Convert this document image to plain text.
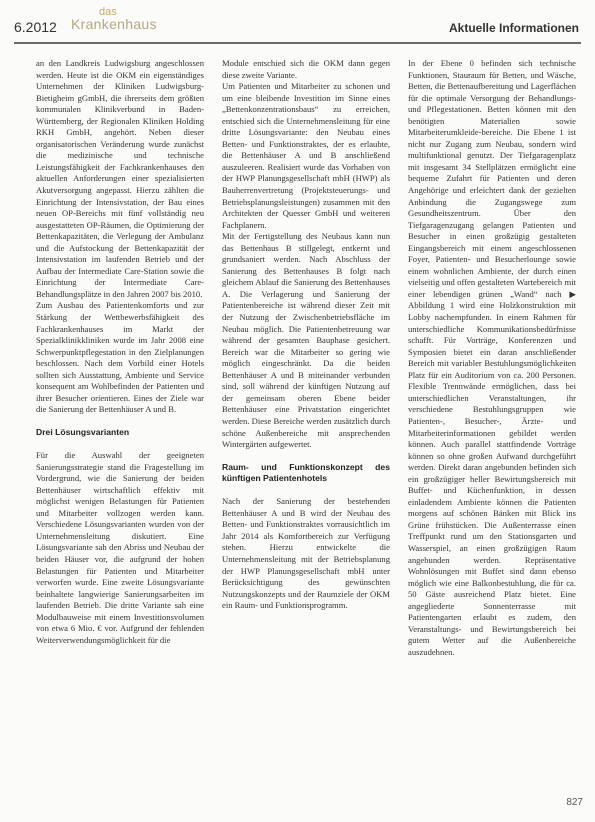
6.2012
das
Krankenhaus	Aktuelle Informationen

an den Landkreis Ludwigsburg angeschlossen werden. Heute ist die OKM ein eigenständiges Unternehmen der Kliniken Ludwigsburg-Bietigheim gGmbH, die ihrerseits dem größten kommunalen Klinikverbund in Baden-Württemberg, der Regionalen Kliniken Holding RKH GmbH, angehört. Neben dieser organisatorischen Veränderung wurde zunächst die medizinische und technische Leistungsfähigkeit der Fachkrankenhauses den aktuellen Anforderungen einer spezialisierten Akutversorgung angepasst. Hierzu zählten die Einrichtung der Intensivstation, der Bau eines neuen OP-Bereichs mit fünf vollständig neu ausgestatteten OP-Räumen, die Optimierung der Bettenkapazitäten, die Verlegung der Ambulanz und die Aufstockung der Bettenkapazität der Intensivstation im laufenden Betrieb und der Aufbau der Intermediate Care-Station sowie die Einrichtung der Intermediate Care-Behandlungsplätze in den Jahren 2007 bis 2010.

Zum Ausbau des Patientenkomforts und zur Stärkung der Wettbewerbsfähigkeit des Fachkrankenhauses im Markt der Spezialklinikkliniken wurde im Jahr 2008 eine Schwerpunktpflegestation in den Zielplanungen beschlossen. Nach dem Vorbild einer Hotels sollten sich Ausstattung, Ambiente und Service konsequent am Wohlbefinden der Patienten und ihrer Besucher orientieren. Eines der Ziele war die Sanierung der Bettenhäuser A und B.

Drei Lösungsvarianten

Für die Auswahl der geeigneten Sanierungsstrategie stand die Fragestellung im Vordergrund, wie die Sanierung der beiden Bettenhäuser wirtschaftlich effektiv mit möglichst wenigen Belastungen für Patienten und Mitarbeiter vollzogen werden kann. Verschiedene Lösungsvarianten wurden von der Unternehmensleitung diskutiert. Eine Lösungsvariante sah den Abriss und Neubau der beiden Häuser vor, die aufgrund der hohen Belastungen für Patienten und Mitarbeiter verworfen wurde. Eine zweite Lösungsvariante beinhaltete langwierige Sanierungsarbeiten im laufenden Betrieb. Die dritte Variante sah eine Modulbauweise mit einem Investitionsvolumen von etwa 6 Mio. € vor. Aufgrund der fehlenden Weiterverwendungsmöglichkeit für die

Module entschied sich die OKM dann gegen diese zweite Variante.

Um Patienten und Mitarbeiter zu schonen und um eine bleibende Investition im Sinne eines „Bettenkonzentrationsbaus“ zu erreichen, entschied sich die Unternehmensleitung für eine dritte Lösungsvariante: den Neubau eines Betten- und Funktionstraktes, der es erlaubte, die Bettenhäuser A und B anschließend auszuleeren. Realisiert wurde das Vorhaben von der HWP Planungsgesellschaft mbH (HWP) als Bauherrenvertretung (Projektsteuerungs- und Betriebsplanungsleistungen) zusammen mit den Architekten der Quesser GmbH und weiteren Fachplanern.

Mit der Fertigstellung des Neubaus kann nun das Bettenhaus B stillgelegt, entkernt und grundsaniert werden. Nach Abschluss der Sanierung des Bettenhauses B folgt nach gleichem Ablauf die Sanierung des Bettenhauses A. Die Verlagerung und Sanierung der Patientenbereiche ist während dieser Zeit mit der Nutzung der Zwischenbetriebsfläche im Neubau möglich. Die Patientenbetreuung war während der gesamten Bauphase gesichert. Bereich war die Mitarbeiter so gering wie möglich eingeschränkt. Da die beiden Bettenhäuser A und B miteinander verbunden sind, soll während der künftigen Nutzung auf der gemeinsam oberen Ebene beider Bettenhäuser eine Privatstation eingerichtet werden. Diese Bereiche werden zusätzlich durch schöne Außenbereiche mit ansprechenden Wintergärten aufgewertet.

Raum- und Funktionskonzept des künftigen Patientenhotels

Nach der Sanierung der bestehenden Bettenhäuser A und B wird der Neubau des Betten- und Funktionstraktes vorrausichtlich im Jahr 2014 als Komfortbereich zur Verfügung stehen. Hierzu entwickelte die Unternehmensleitung mit der Betriebsplanung der HWP Planungsgesellschaft mbH unter Berücksichtigung des gewünschten Nutzungskonzepts und der Raumziele der OKM ein Raum- und Funktionsprogramm.

In der Ebene 0 befinden sich technische Funktionen, Stauraum für Betten, und Wäsche, Betten, die Bettenaufbereitung und Lagerflächen für die optimale Versorgung der Behandlungs- und Pflegestationen. Betten können mit den benötigten Materialien sowie Mitarbeiterumkleide-bereiche. Die Ebene 1 ist nicht nur Zugang zum Neubau, sondern wird multifunktional genutzt. Der Tiefgaragenplatz mit insgesamt 34 Stellplätzen ermöglicht eine bequeme Zufahrt für Patienten und deren Angehörige und erleichtert dank der gezielten Anbindung die Zugangswege zum Gesundheitszentrum. Über den Tiefgaragenzugang gelangen Patienten und Besucher in einen großzügig gestalteten Eingangsbereich mit einem angeschlossenen Foyer, Patienten- und Besucherlounge sowie einem wohnlichen Ambiente, der durch einen vielseitig und offen gestalteten Wartebereich mit einer lebendigen grünen „Wand“ nach ▶ Abbildung 1 wird eine Holzkonstruktion mit Lobby nachempfunden. In einem Rahmen für unterschiedliche Kommunikationsbedürfnisse schafft. Für Vorträge, Konferenzen und Symposien bietet ein daran anschließender Bereich mit variabler Bestuhlungsmöglichkeiten Platz für ein Auditorium von ca. 200 Personen. Flexible Trennwände ermöglichen, dass bei unterschiedlichen Veranstaltungen, ihr verschiedene Bestuhlungsgruppen wie Patienten-, Besucher-, Ärzte- und Mitarbeiterinformationen gebildet werden können. Auch parallel stattfindende Vorträge können so ohne großen Aufwand durchgeführt werden. Direkt daran angebunden befinden sich ein großzügiger heller Bewirtungsbereich mit Buffet- und Küchenfunktion, in dessen einladendem Ambiente können die Patienten morgens auf schönen Bänken mit Blick ins Grüne frühstücken. Die Außenterrasse einen Treffpunkt rund um den Stationsgarten und Wasserspiel, an einen großzügigen Raum angebunden werden. Repräsentative Wohnlösungen mit Buffet sind dann ebenso möglich wie eine Balkonbestuhlung, die für ca. 50 Gäste ausreichend Platz bietet. Eine angegliederte Sonnenterrasse mit Patientengarten erlaubt es zudem, den Veranstaltungs- und Bewirtungsbereich bei gutem Wetter auf die Außenbereiche auszudehnen.

827
